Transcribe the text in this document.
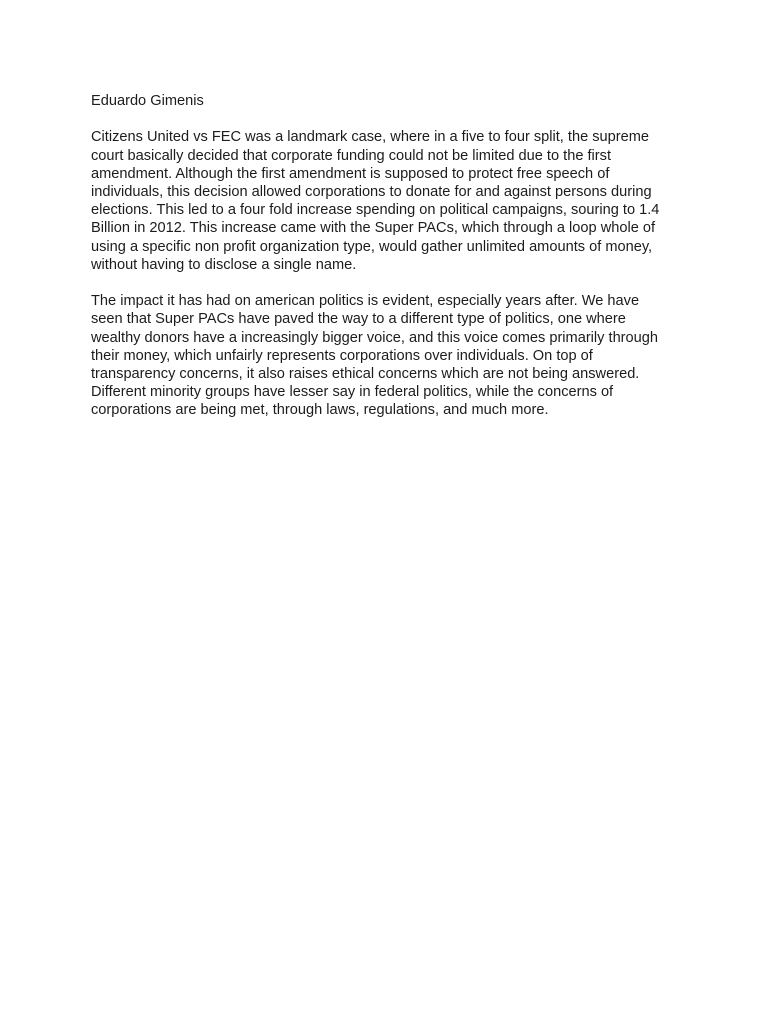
Eduardo Gimenis

Citizens United vs FEC was a landmark case, where in a five to four split, the supreme
court basically decided that corporate funding could not be limited due to the first
amendment. Although the first amendment is supposed to protect free speech of
individuals, this decision allowed corporations to donate for and against persons during
elections. This led to a four fold increase spending on political campaigns, souring to 1.4
Billion in 2012. This increase came with the Super PACs, which through a loop whole of
using a specific non profit organization type, would gather unlimited amounts of money,
without having to disclose a single name.

The impact it has had on american politics is evident, especially years after. We have
seen that Super PACs have paved the way to a different type of politics, one where
wealthy donors have a increasingly bigger voice, and this voice comes primarily through
their money, which unfairly represents corporations over individuals. On top of
transparency concerns, it also raises ethical concerns which are not being answered.
Different minority groups have lesser say in federal politics, while the concerns of
corporations are being met, through laws, regulations, and much more.
